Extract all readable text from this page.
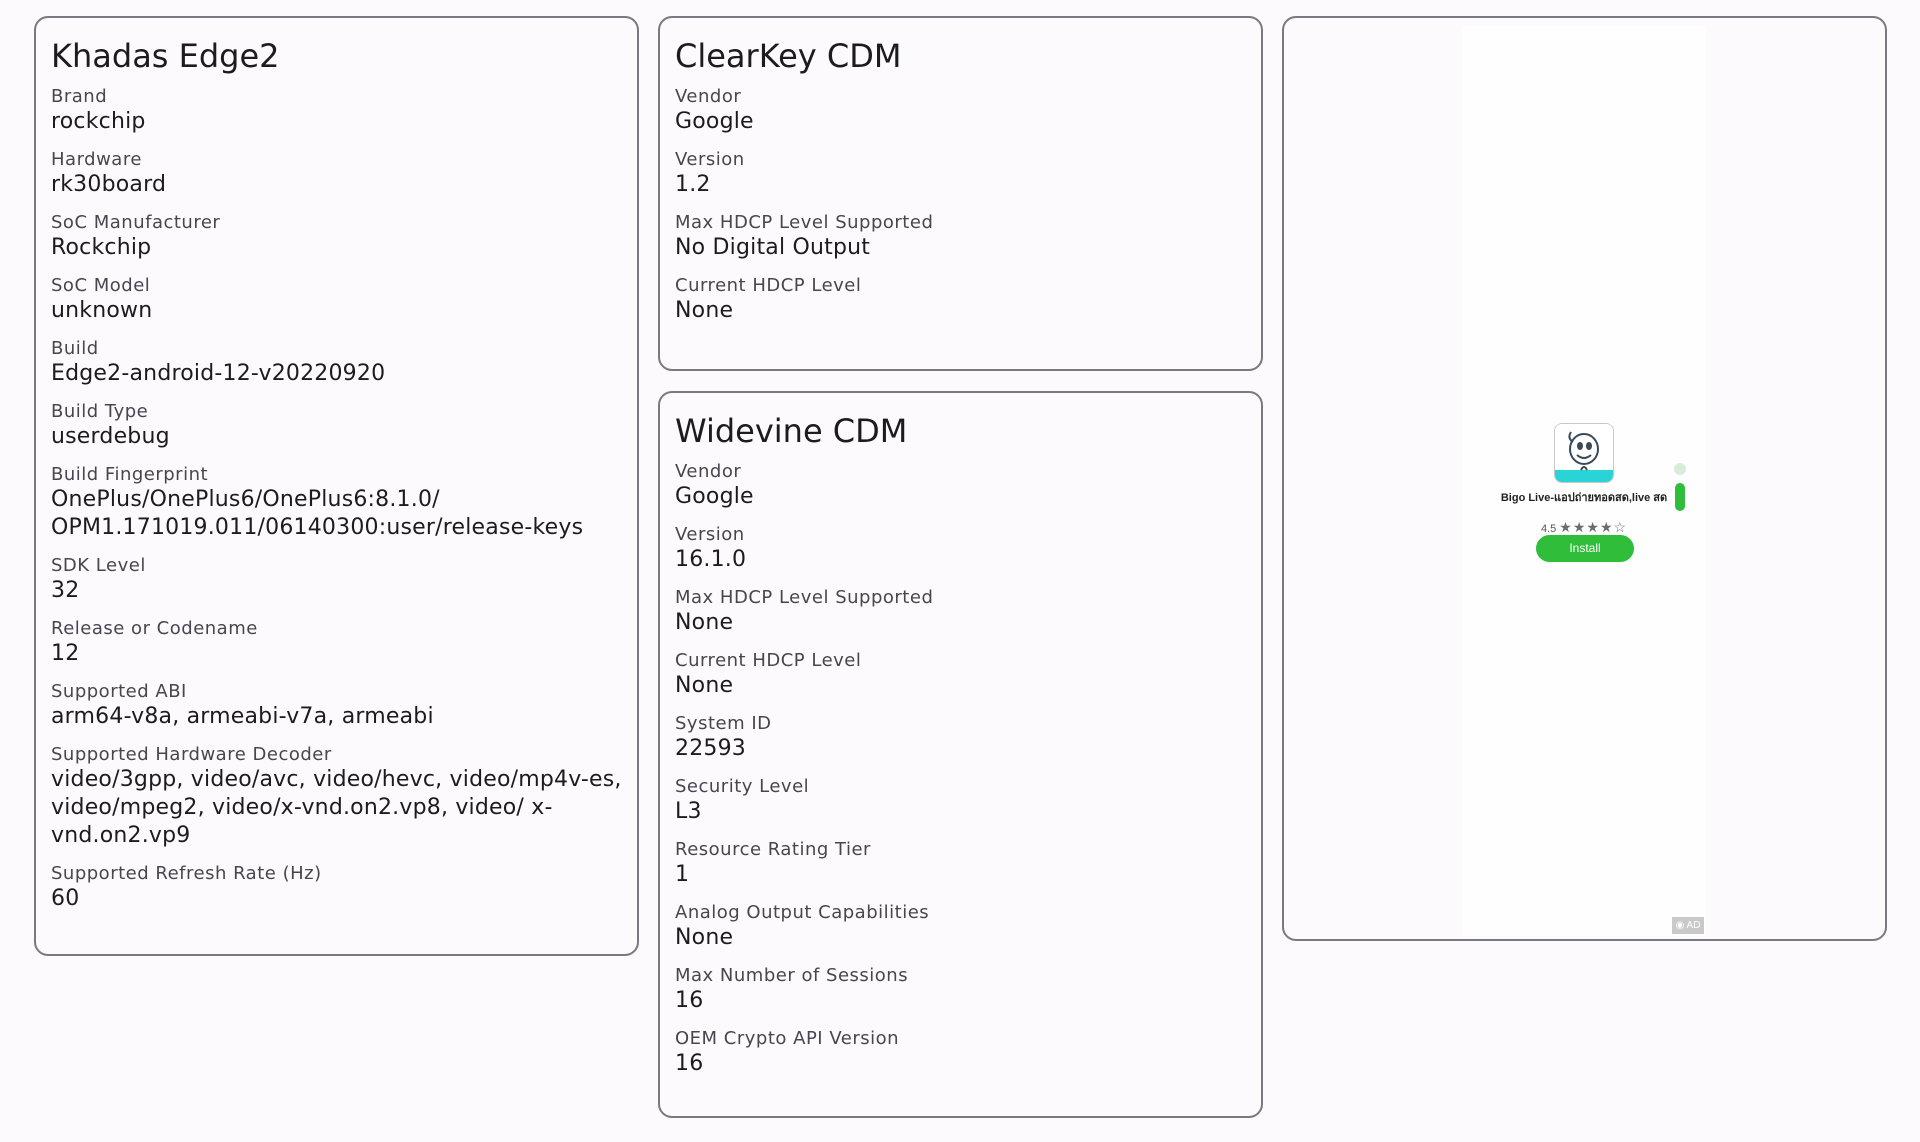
Khadas Edge2
Brand
rockchip
Hardware
rk30board
SoC Manufacturer
Rockchip
SoC Model
unknown
Build
Edge2-android-12-v20220920
Build Type
userdebug
Build Fingerprint
OnePlus/OnePlus6/OnePlus6:8.1.0/ OPM1.171019.011/06140300:user/release-keys
SDK Level
32
Release or Codename
12
Supported ABI
arm64-v8a, armeabi-v7a, armeabi
Supported Hardware Decoder
video/3gpp, video/avc, video/hevc, video/mp4v-es, video/mpeg2, video/x-vnd.on2.vp8, video/ x-vnd.on2.vp9
Supported Refresh Rate (Hz)
60
ClearKey CDM
Vendor
Google
Version
1.2
Max HDCP Level Supported
No Digital Output
Current HDCP Level
None
Widevine CDM
Vendor
Google
Version
16.1.0
Max HDCP Level Supported
None
Current HDCP Level
None
System ID
22593
Security Level
L3
Resource Rating Tier
1
Analog Output Capabilities
None
Max Number of Sessions
16
OEM Crypto API Version
16
Bigo Live-แอปถ่ายทอดสด,live สด
4.5 ★★★★☆
Install
◉ AD
